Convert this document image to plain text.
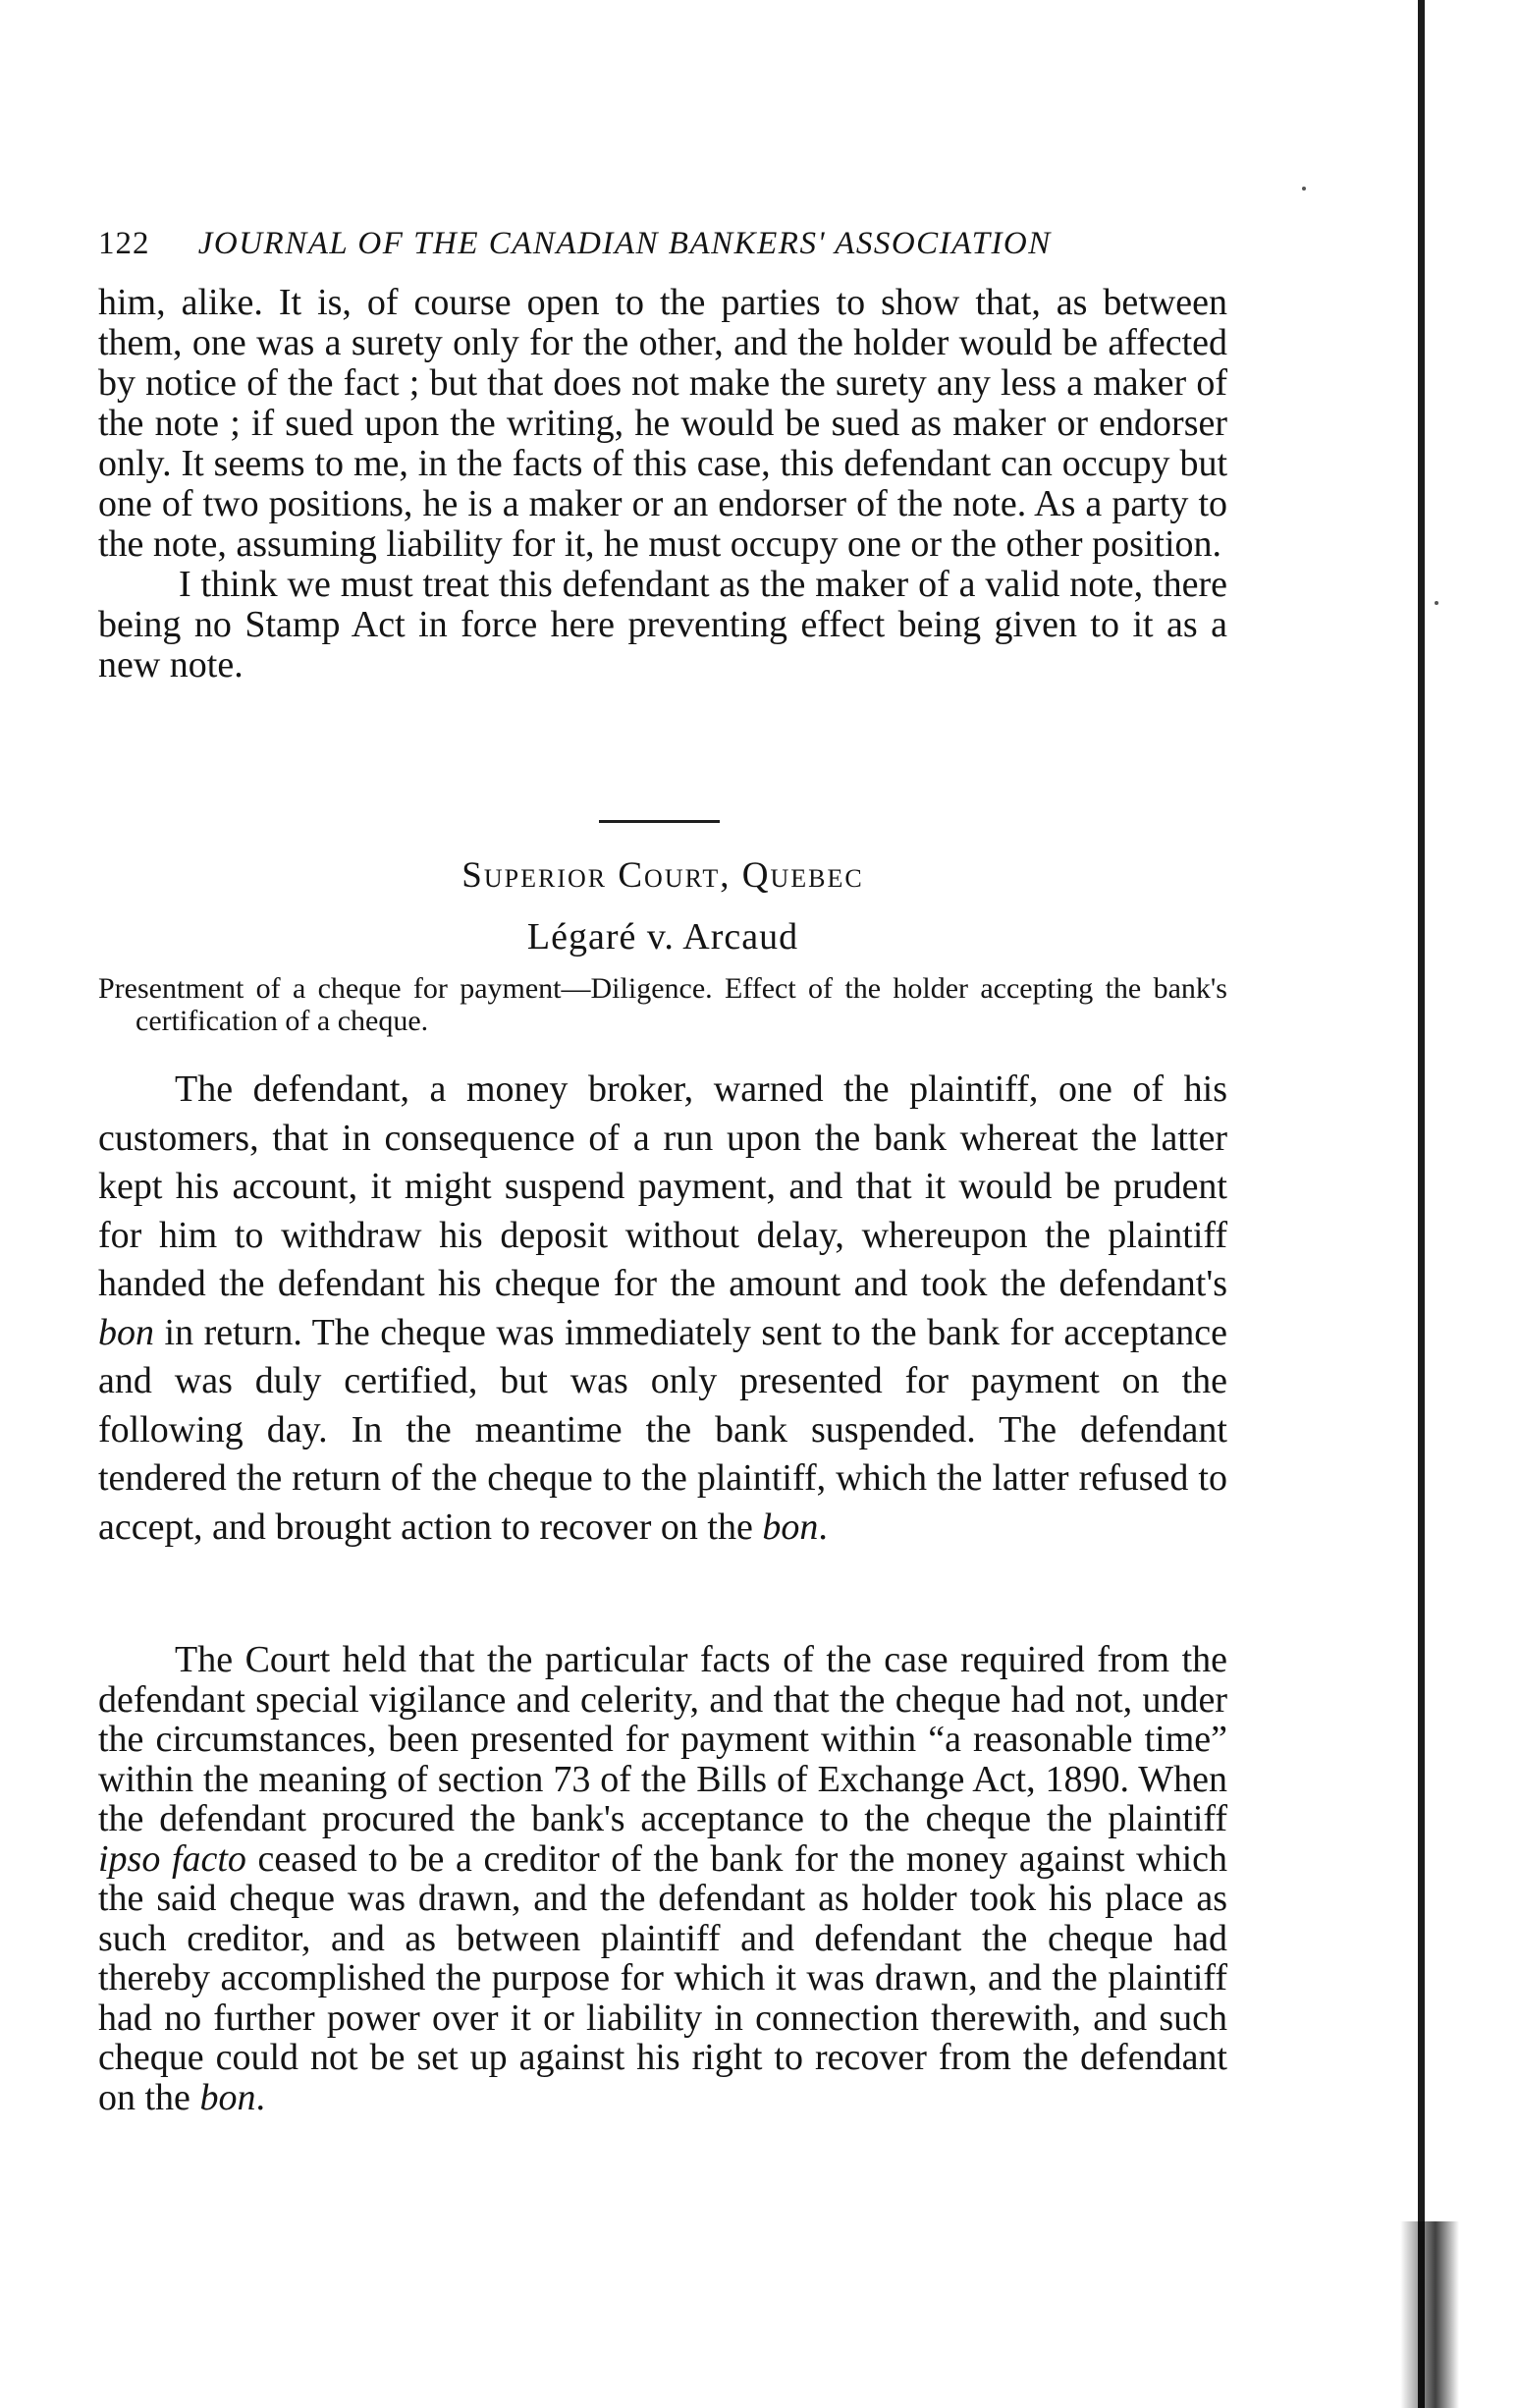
122 JOURNAL OF THE CANADIAN BANKERS' ASSOCIATION

him, alike. It is, of course open to the parties to show that, as between them, one was a surety only for the other, and the holder would be affected by notice of the fact ; but that does not make the surety any less a maker of the note ; if sued upon the writing, he would be sued as maker or endorser only. It seems to me, in the facts of this case, this defendant can occupy but one of two positions, he is a maker or an endorser of the note. As a party to the note, assuming liability for it, he must occupy one or the other position.

I think we must treat this defendant as the maker of a valid note, there being no Stamp Act in force here preventing effect being given to it as a new note.

Superior Court, Quebec
Légaré v. Arcaud
Presentment of a cheque for payment—Diligence. Effect of the holder accepting the bank's certification of a cheque.

The defendant, a money broker, warned the plaintiff, one of his customers, that in consequence of a run upon the bank whereat the latter kept his account, it might suspend payment, and that it would be prudent for him to withdraw his deposit without delay, whereupon the plaintiff handed the defendant his cheque for the amount and took the defendant's bon in return. The cheque was immediately sent to the bank for acceptance and was duly certified, but was only presented for payment on the following day. In the meantime the bank suspended. The defendant tendered the return of the cheque to the plaintiff, which the latter refused to accept, and brought action to recover on the bon.

The Court held that the particular facts of the case required from the defendant special vigilance and celerity, and that the cheque had not, under the circumstances, been presented for payment within “a reasonable time” within the meaning of section 73 of the Bills of Exchange Act, 1890. When the defendant procured the bank's acceptance to the cheque the plaintiff ipso facto ceased to be a creditor of the bank for the money against which the said cheque was drawn, and the defendant as holder took his place as such creditor, and as between plaintiff and defendant the cheque had thereby accomplished the purpose for which it was drawn, and the plaintiff had no further power over it or liability in connection therewith, and such cheque could not be set up against his right to recover from the defendant on the bon.
